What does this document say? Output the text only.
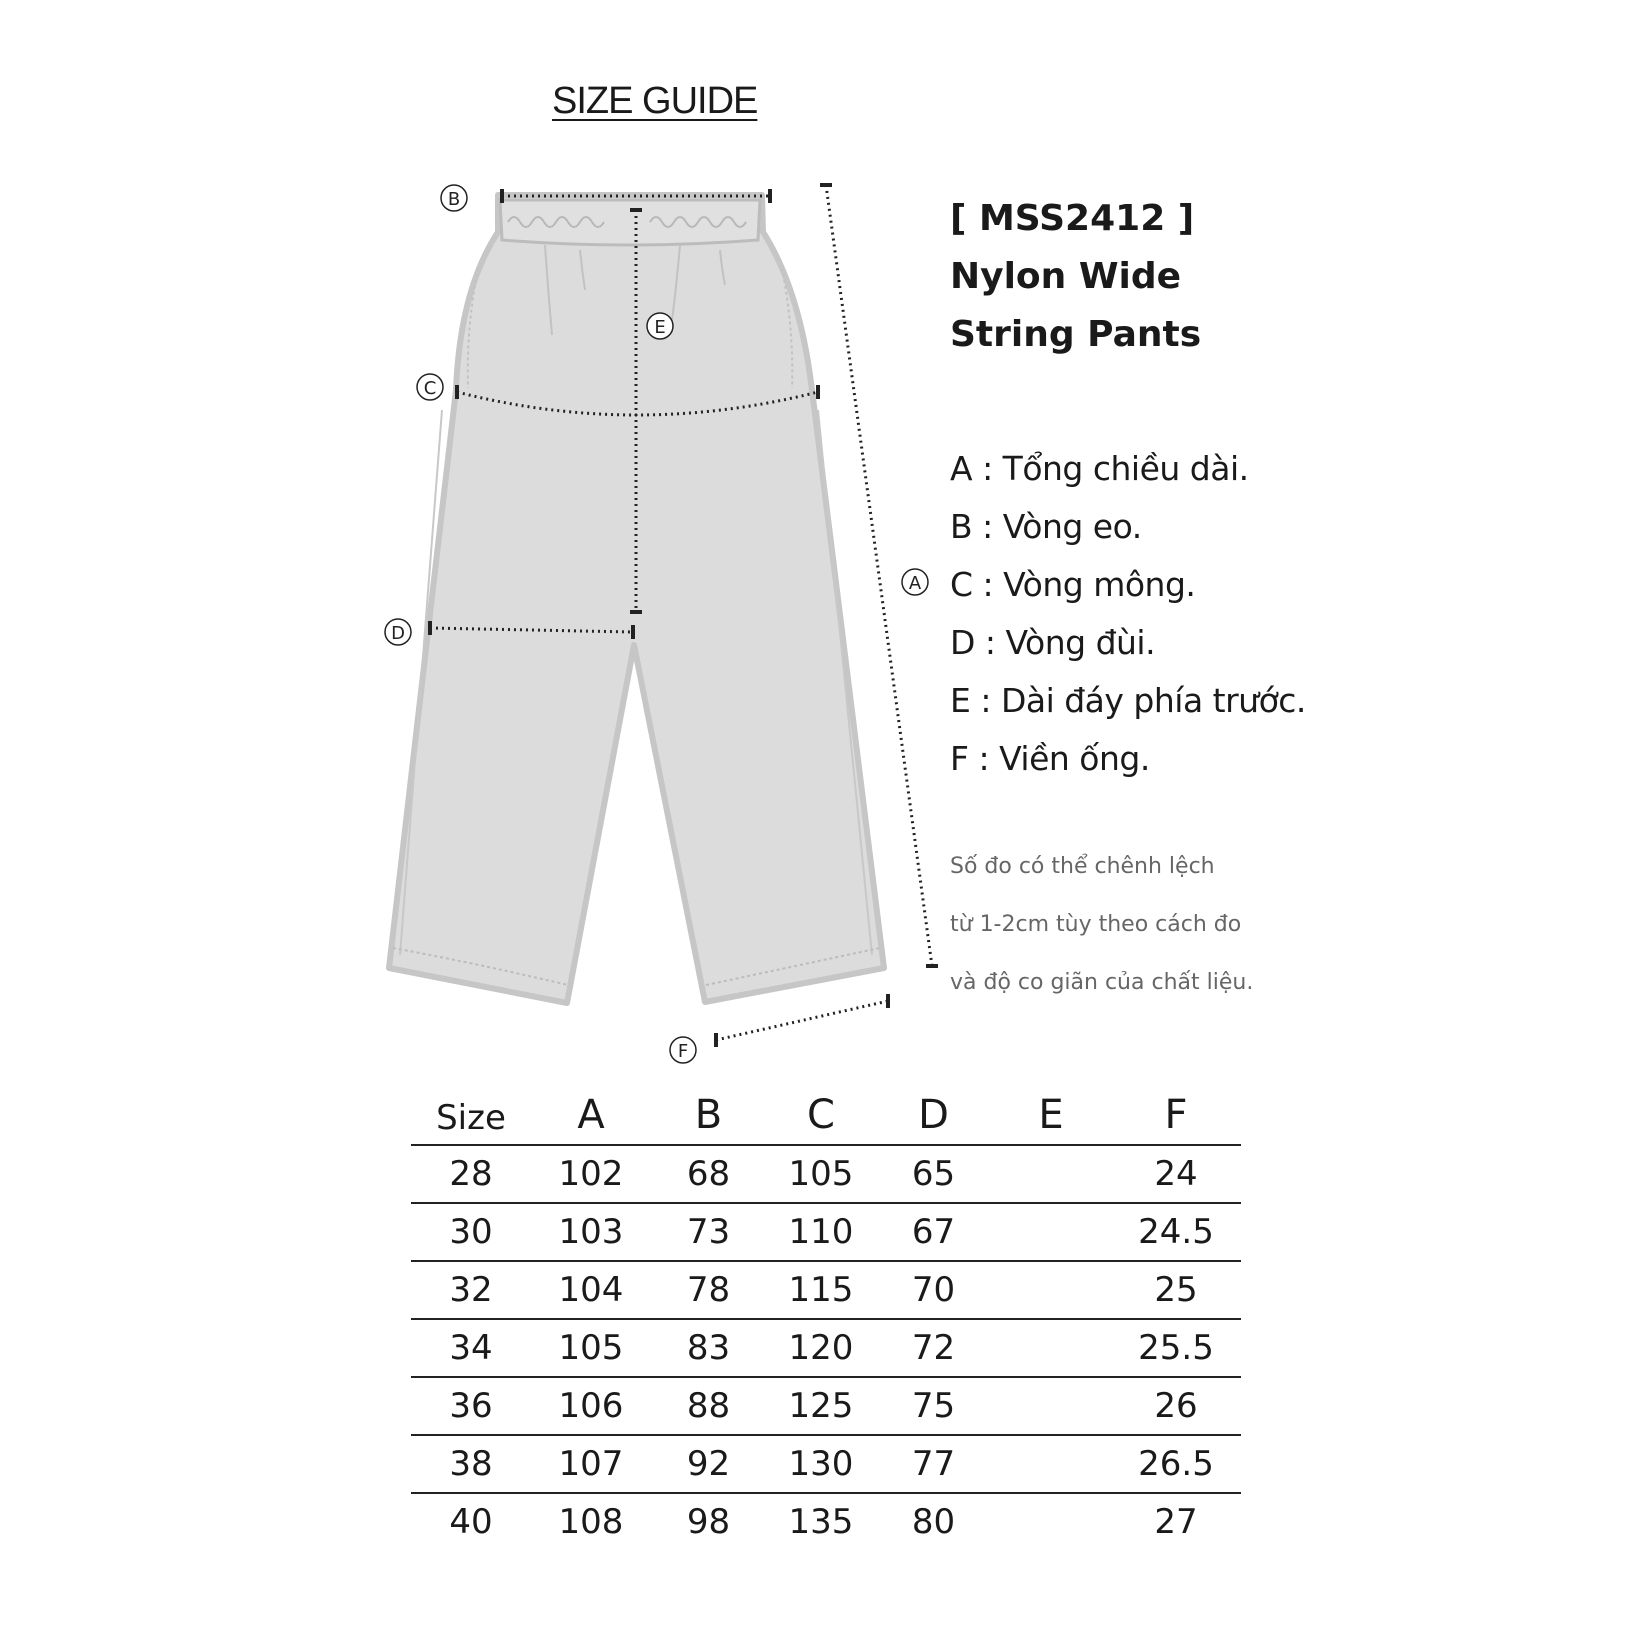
SIZE GUIDE
B
E
C
D
A
F
[ MSS2412 ]
Nylon Wide
String Pants
A : Tổng chiều dài.
B : Vòng eo.
C : Vòng mông.
D : Vòng đùi.
E : Dài đáy phía trước.
F : Viền ống.
Số đo có thể chênh lệch
từ 1-2cm tùy theo cách đo
và độ co giãn của chất liệu.
Size	A	B	C	D	E	F
28	102	68	105	65		24
30	103	73	110	67		24.5
32	104	78	115	70		25
34	105	83	120	72		25.5
36	106	88	125	75		26
38	107	92	130	77		26.5
40	108	98	135	80		27
